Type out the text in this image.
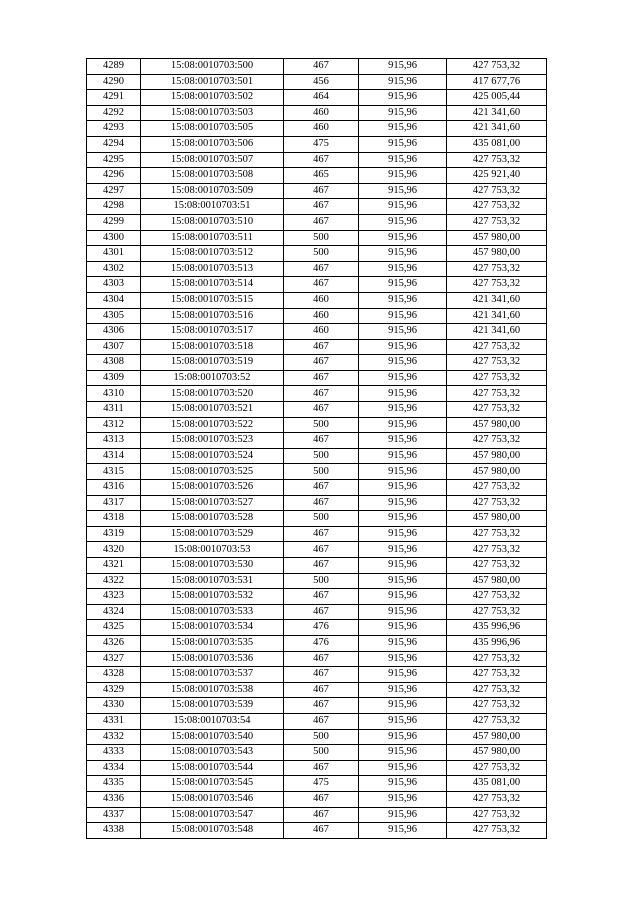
4289	15:08:0010703:500	467	915,96	427 753,32
4290	15:08:0010703:501	456	915,96	417 677,76
4291	15:08:0010703:502	464	915,96	425 005,44
4292	15:08:0010703:503	460	915,96	421 341,60
4293	15:08:0010703:505	460	915,96	421 341,60
4294	15:08:0010703:506	475	915,96	435 081,00
4295	15:08:0010703:507	467	915,96	427 753,32
4296	15:08:0010703:508	465	915,96	425 921,40
4297	15:08:0010703:509	467	915,96	427 753,32
4298	15:08:0010703:51	467	915,96	427 753,32
4299	15:08:0010703:510	467	915,96	427 753,32
4300	15:08:0010703:511	500	915,96	457 980,00
4301	15:08:0010703:512	500	915,96	457 980,00
4302	15:08:0010703:513	467	915,96	427 753,32
4303	15:08:0010703:514	467	915,96	427 753,32
4304	15:08:0010703:515	460	915,96	421 341,60
4305	15:08:0010703:516	460	915,96	421 341,60
4306	15:08:0010703:517	460	915,96	421 341,60
4307	15:08:0010703:518	467	915,96	427 753,32
4308	15:08:0010703:519	467	915,96	427 753,32
4309	15:08:0010703:52	467	915,96	427 753,32
4310	15:08:0010703:520	467	915,96	427 753,32
4311	15:08:0010703:521	467	915,96	427 753,32
4312	15:08:0010703:522	500	915,96	457 980,00
4313	15:08:0010703:523	467	915,96	427 753,32
4314	15:08:0010703:524	500	915,96	457 980,00
4315	15:08:0010703:525	500	915,96	457 980,00
4316	15:08:0010703:526	467	915,96	427 753,32
4317	15:08:0010703:527	467	915,96	427 753,32
4318	15:08:0010703:528	500	915,96	457 980,00
4319	15:08:0010703:529	467	915,96	427 753,32
4320	15:08:0010703:53	467	915,96	427 753,32
4321	15:08:0010703:530	467	915,96	427 753,32
4322	15:08:0010703:531	500	915,96	457 980,00
4323	15:08:0010703:532	467	915,96	427 753,32
4324	15:08:0010703:533	467	915,96	427 753,32
4325	15:08:0010703:534	476	915,96	435 996,96
4326	15:08:0010703:535	476	915,96	435 996,96
4327	15:08:0010703:536	467	915,96	427 753,32
4328	15:08:0010703:537	467	915,96	427 753,32
4329	15:08:0010703:538	467	915,96	427 753,32
4330	15:08:0010703:539	467	915,96	427 753,32
4331	15:08:0010703:54	467	915,96	427 753,32
4332	15:08:0010703:540	500	915,96	457 980,00
4333	15:08:0010703:543	500	915,96	457 980,00
4334	15:08:0010703:544	467	915,96	427 753,32
4335	15:08:0010703:545	475	915,96	435 081,00
4336	15:08:0010703:546	467	915,96	427 753,32
4337	15:08:0010703:547	467	915,96	427 753,32
4338	15:08:0010703:548	467	915,96	427 753,32
